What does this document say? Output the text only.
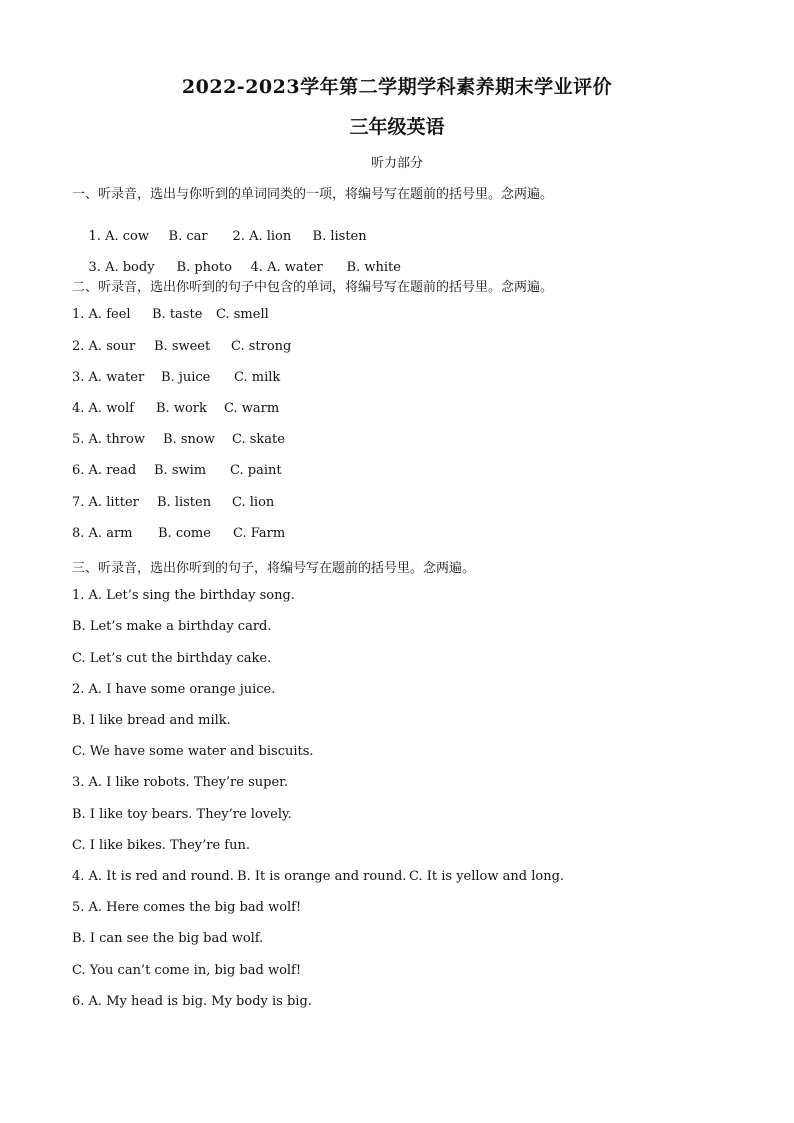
2022-2023学年第二学期学科素养期末学业评价
三年级英语
听力部分
一、听录音，选出与你听到的单词同类的一项，将编号写在题前的括号里。念两遍。

1. A. cow B. car 2. A. lion B. listen

3. A. body B. photo 4. A. water B. white

二、听录音，选出你听到的句子中包含的单词，将编号写在题前的括号里。念两遍。
1. A. feel B. taste C. smell
2. A. sour B. sweet C. strong
3. A. water B. juice C. milk
4. A. wolf B. work C. warm
5. A. throw B. snow C. skate
6. A. read B. swim C. paint
7. A. litter B. listen C. lion
8. A. arm B. come C. Farm
三、听录音，选出你听到的句子，将编号写在题前的括号里。念两遍。
1. A. Let’s sing the birthday song.
B. Let’s make a birthday card.
C. Let’s cut the birthday cake.
2. A. I have some orange juice.
B. I like bread and milk.
C. We have some water and biscuits.
3. A. I like robots. They’re super.
B. I like toy bears. They’re lovely.
C. I like bikes. They’re fun.
4. A. It is red and round. B. It is orange and round. C. It is yellow and long.
5. A. Here comes the big bad wolf!
B. I can see the big bad wolf.
C. You can’t come in, big bad wolf!
6. A. My head is big. My body is big.
